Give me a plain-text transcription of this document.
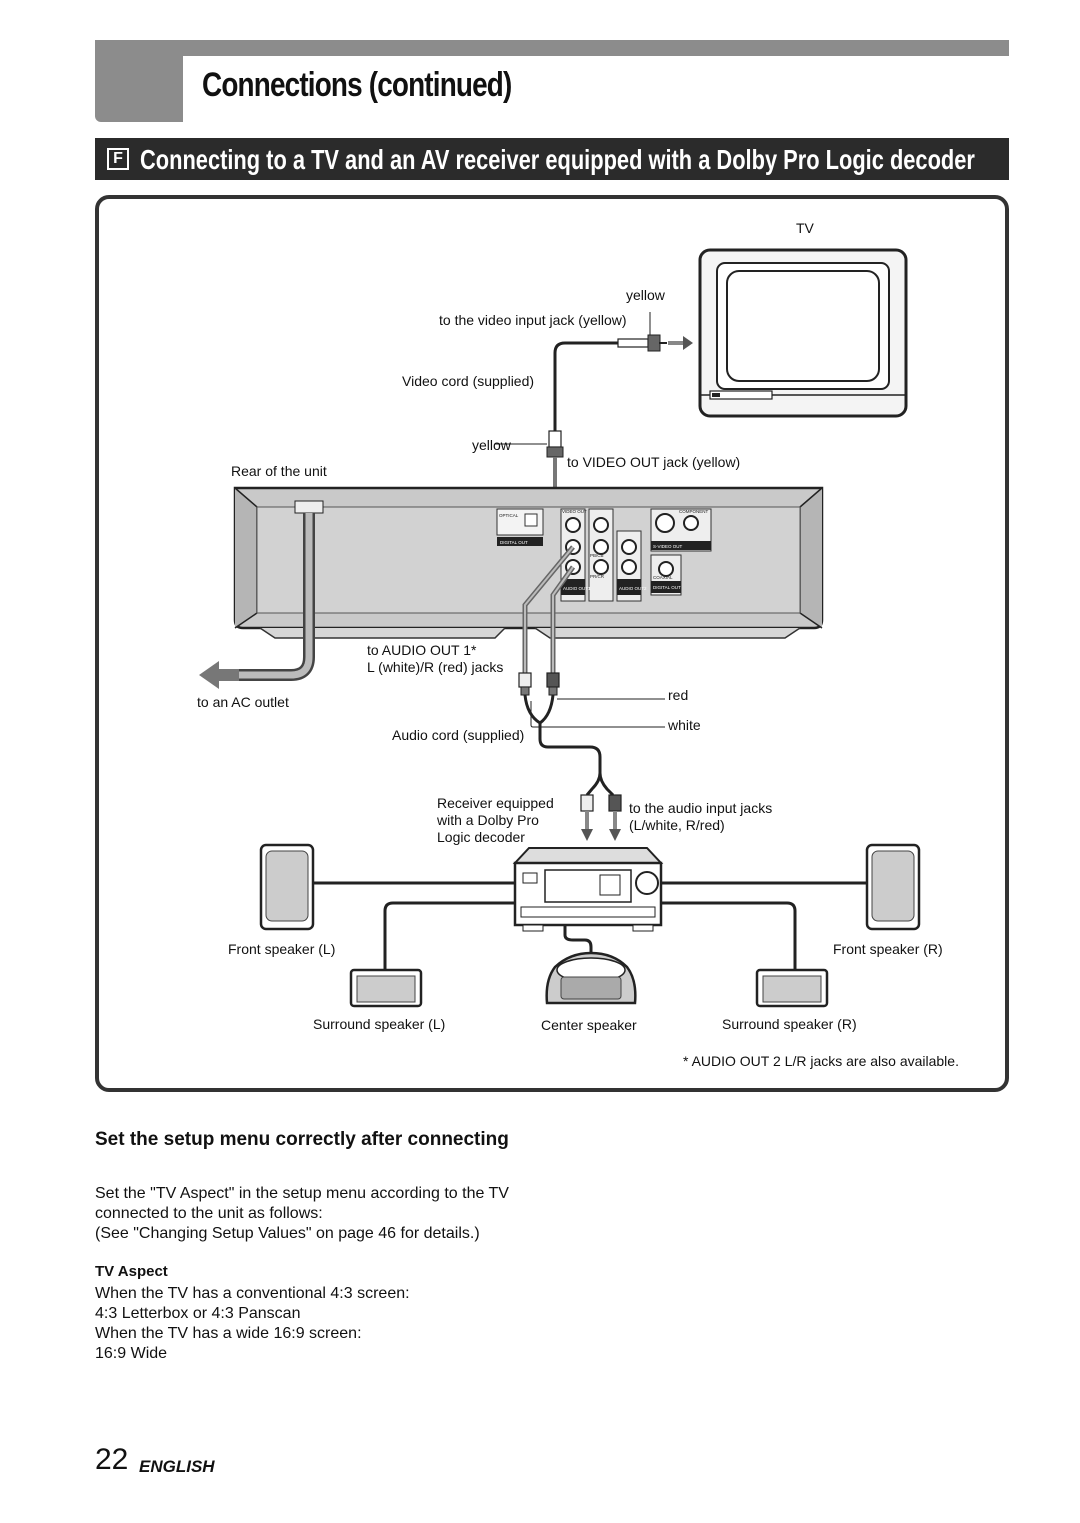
Connections (continued)
F Connecting to a TV and an AV receiver equipped with a Dolby Pro Logic decoder
DIGITAL OUT
S-VIDEO OUT
AUDIO OUT1	AUDIO OUT2 DIGITAL OUT
OPTICAL
VIDEO OUT	COMPONENT
PB/CB
PR/CR	COAXIAL
TV
yellow
to the video input jack (yellow)
Video cord (supplied)
yellow
to VIDEO OUT jack (yellow)
Rear of the unit
to AUDIO OUT 1*
L (white)/R (red) jacks
to an AC outlet	red
white
Audio cord (supplied)
Receiver equipped
with a Dolby Pro
Logic decoder
to the audio input jacks
(L/white, R/red)
Front speaker (L)	Front speaker (R)
Surround speaker (L)	Center speaker	Surround speaker (R)
* AUDIO OUT 2 L/R jacks are also available.
Set the setup menu correctly after connecting
Set the "TV Aspect" in the setup menu according to the TV
connected to the unit as follows:
(See "Changing Setup Values" on page 46 for details.)
TV Aspect
When the TV has a conventional 4:3 screen:
4:3 Letterbox or 4:3 Panscan
When the TV has a wide 16:9 screen:
16:9 Wide
22 ENGLISH
